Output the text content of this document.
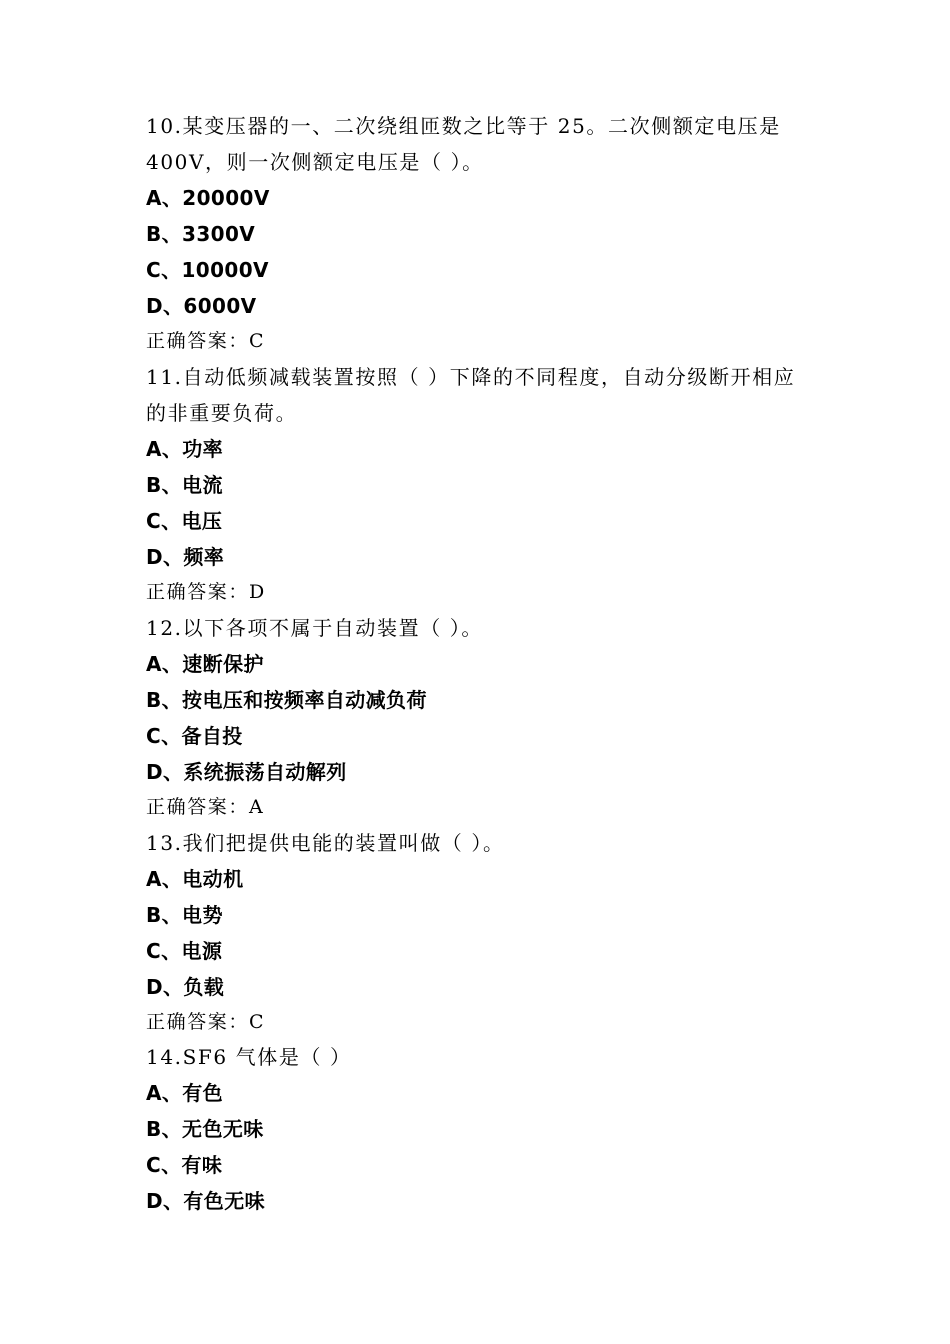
10.某变压器的一、二次绕组匝数之比等于 25。二次侧额定电压是400V，则一次侧额定电压是（ ）。

A、20000V

B、3300V

C、10000V

D、6000V

正确答案：C

11.自动低频减载装置按照（ ）下降的不同程度，自动分级断开相应的非重要负荷。

A、功率

B、电流

C、电压

D、频率

正确答案：D

12.以下各项不属于自动装置（ ）。

A、速断保护

B、按电压和按频率自动减负荷

C、备自投

D、系统振荡自动解列

正确答案：A

13.我们把提供电能的装置叫做（ ）。

A、电动机

B、电势

C、电源

D、负载

正确答案：C

14.SF6 气体是（ ）

A、有色

B、无色无味

C、有味

D、有色无味
